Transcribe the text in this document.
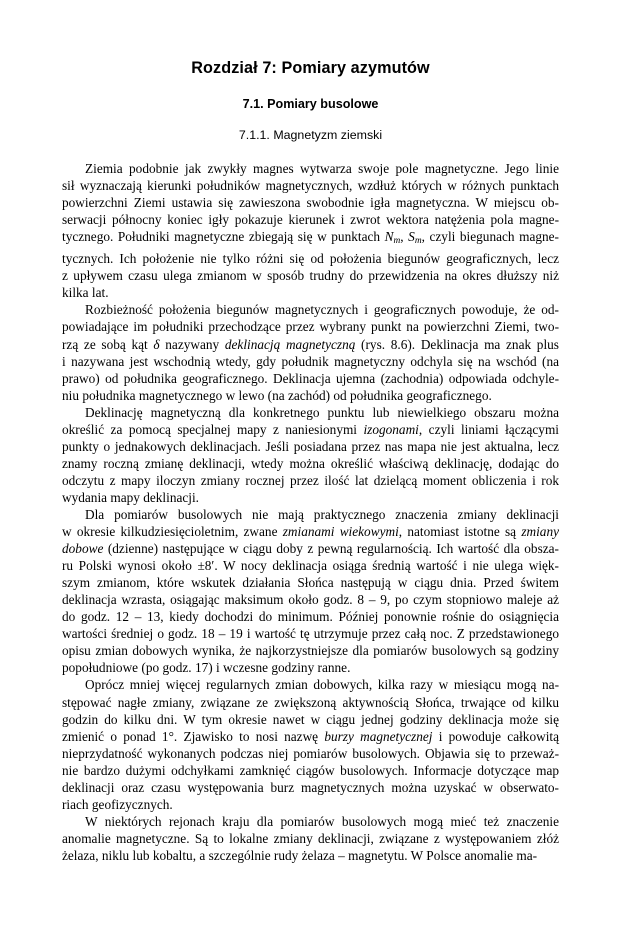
Rozdział 7: Pomiary azymutów
7.1. Pomiary busolowe
7.1.1. Magnetyzm ziemski

Ziemia podobnie jak zwykły magnes wytwarza swoje pole magnetyczne. Jego linie
sił wyznaczają kierunki południków magnetycznych, wzdłuż których w różnych punktach
powierzchni Ziemi ustawia się zawieszona swobodnie igła magnetyczna. W miejscu ob-
serwacji północny koniec igły pokazuje kierunek i zwrot wektora natężenia pola magne-
tycznego. Południki magnetyczne zbiegają się w punktach $N_m$, $S_m$, czyli biegunach magne-
tycznych. Ich położenie nie tylko różni się od położenia biegunów geograficznych, lecz
z upływem czasu ulega zmianom w sposób trudny do przewidzenia na okres dłuższy niż
kilka lat.

Rozbieżność położenia biegunów magnetycznych i geograficznych powoduje, że od-
powiadające im południki przechodzące przez wybrany punkt na powierzchni Ziemi, two-
rzą ze sobą kąt δ nazywany deklinacją magnetyczną (rys. 8.6). Deklinacja ma znak plus
i nazywana jest wschodnią wtedy, gdy południk magnetyczny odchyla się na wschód (na
prawo) od południka geograficznego. Deklinacja ujemna (zachodnia) odpowiada odchyle-
niu południka magnetycznego w lewo (na zachód) od południka geograficznego.

Deklinację magnetyczną dla konkretnego punktu lub niewielkiego obszaru można
określić za pomocą specjalnej mapy z naniesionymi izogonami, czyli liniami łączącymi
punkty o jednakowych deklinacjach. Jeśli posiadana przez nas mapa nie jest aktualna, lecz
znamy roczną zmianę deklinacji, wtedy można określić właściwą deklinację, dodając do
odczytu z mapy iloczyn zmiany rocznej przez ilość lat dzielącą moment obliczenia i rok
wydania mapy deklinacji.

Dla pomiarów busolowych nie mają praktycznego znaczenia zmiany deklinacji
w okresie kilkudziesięcioletnim, zwane zmianami wiekowymi, natomiast istotne są zmiany
dobowe (dzienne) następujące w ciągu doby z pewną regularnością. Ich wartość dla obsza-
ru Polski wynosi około ±8′. W nocy deklinacja osiąga średnią wartość i nie ulega więk-
szym zmianom, które wskutek działania Słońca następują w ciągu dnia. Przed świtem
deklinacja wzrasta, osiągając maksimum około godz. 8 – 9, po czym stopniowo maleje aż
do godz. 12 – 13, kiedy dochodzi do minimum. Później ponownie rośnie do osiągnięcia
wartości średniej o godz. 18 – 19 i wartość tę utrzymuje przez całą noc. Z przedstawionego
opisu zmian dobowych wynika, że najkorzystniejsze dla pomiarów busolowych są godziny
popołudniowe (po godz. 17) i wczesne godziny ranne.

Oprócz mniej więcej regularnych zmian dobowych, kilka razy w miesiącu mogą na-
stępować nagłe zmiany, związane ze zwiększoną aktywnością Słońca, trwające od kilku
godzin do kilku dni. W tym okresie nawet w ciągu jednej godziny deklinacja może się
zmienić o ponad 1°. Zjawisko to nosi nazwę burzy magnetycznej i powoduje całkowitą
nieprzydatność wykonanych podczas niej pomiarów busolowych. Objawia się to przeważ-
nie bardzo dużymi odchyłkami zamknięć ciągów busolowych. Informacje dotyczące map
deklinacji oraz czasu występowania burz magnetycznych można uzyskać w obserwato-
riach geofizycznych.

W niektórych rejonach kraju dla pomiarów busolowych mogą mieć też znaczenie
anomalie magnetyczne. Są to lokalne zmiany deklinacji, związane z występowaniem złóż
żelaza, niklu lub kobaltu, a szczególnie rudy żelaza – magnetytu. W Polsce anomalie ma-
